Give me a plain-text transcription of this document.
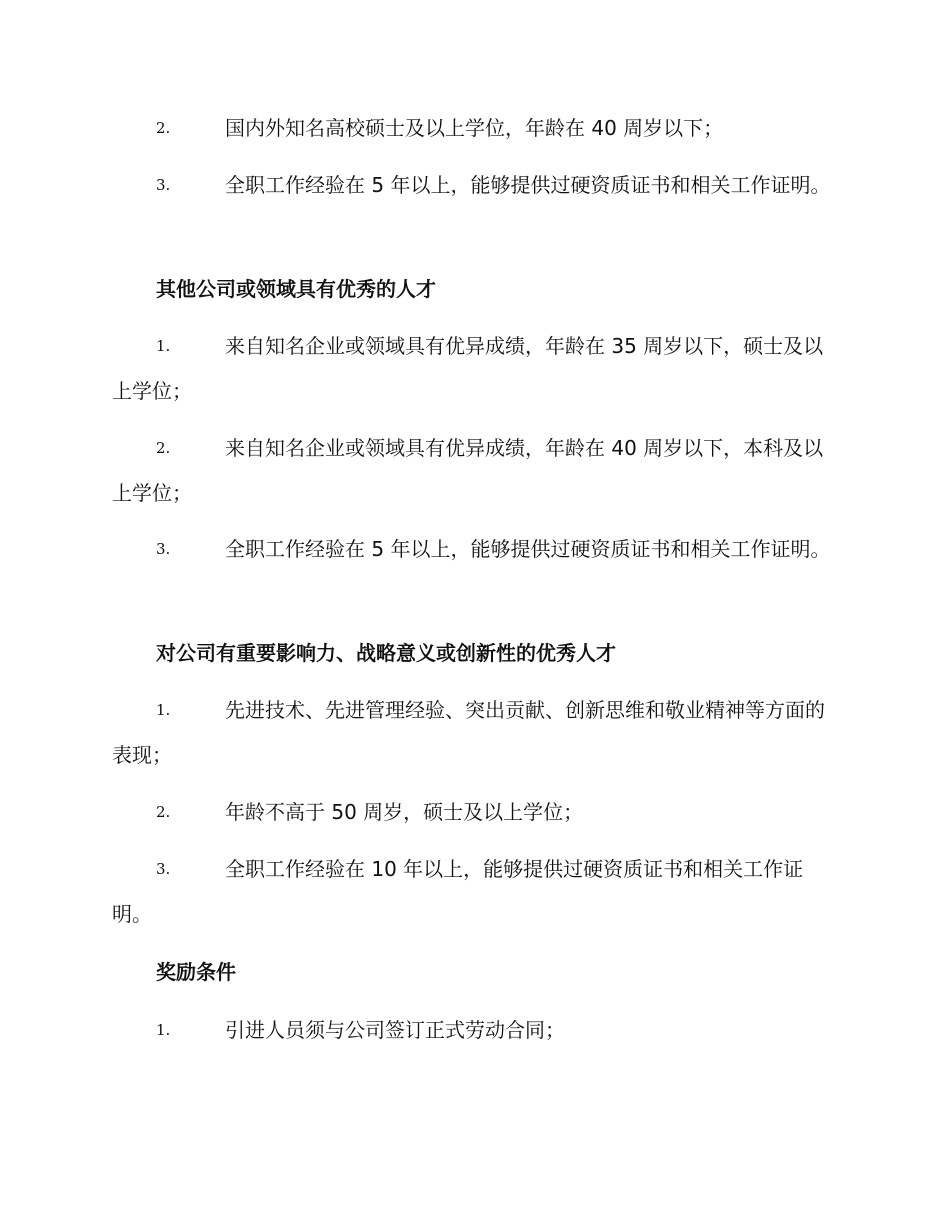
2.	国内外知名高校硕士及以上学位，年龄在 40 周岁以下；
3.	全职工作经验在 5 年以上，能够提供过硬资质证书和相关工作证明。
其他公司或领域具有优秀的人才
1.	来自知名企业或领域具有优异成绩，年龄在 35 周岁以下，硕士及以上学位；
2.	来自知名企业或领域具有优异成绩，年龄在 40 周岁以下，本科及以上学位；
3.	全职工作经验在 5 年以上，能够提供过硬资质证书和相关工作证明。
对公司有重要影响力、战略意义或创新性的优秀人才
1.	先进技术、先进管理经验、突出贡献、创新思维和敬业精神等方面的表现；
2.	年龄不高于 50 周岁，硕士及以上学位；
3.	全职工作经验在 10 年以上，能够提供过硬资质证书和相关工作证明。
奖励条件
1.	引进人员须与公司签订正式劳动合同；
